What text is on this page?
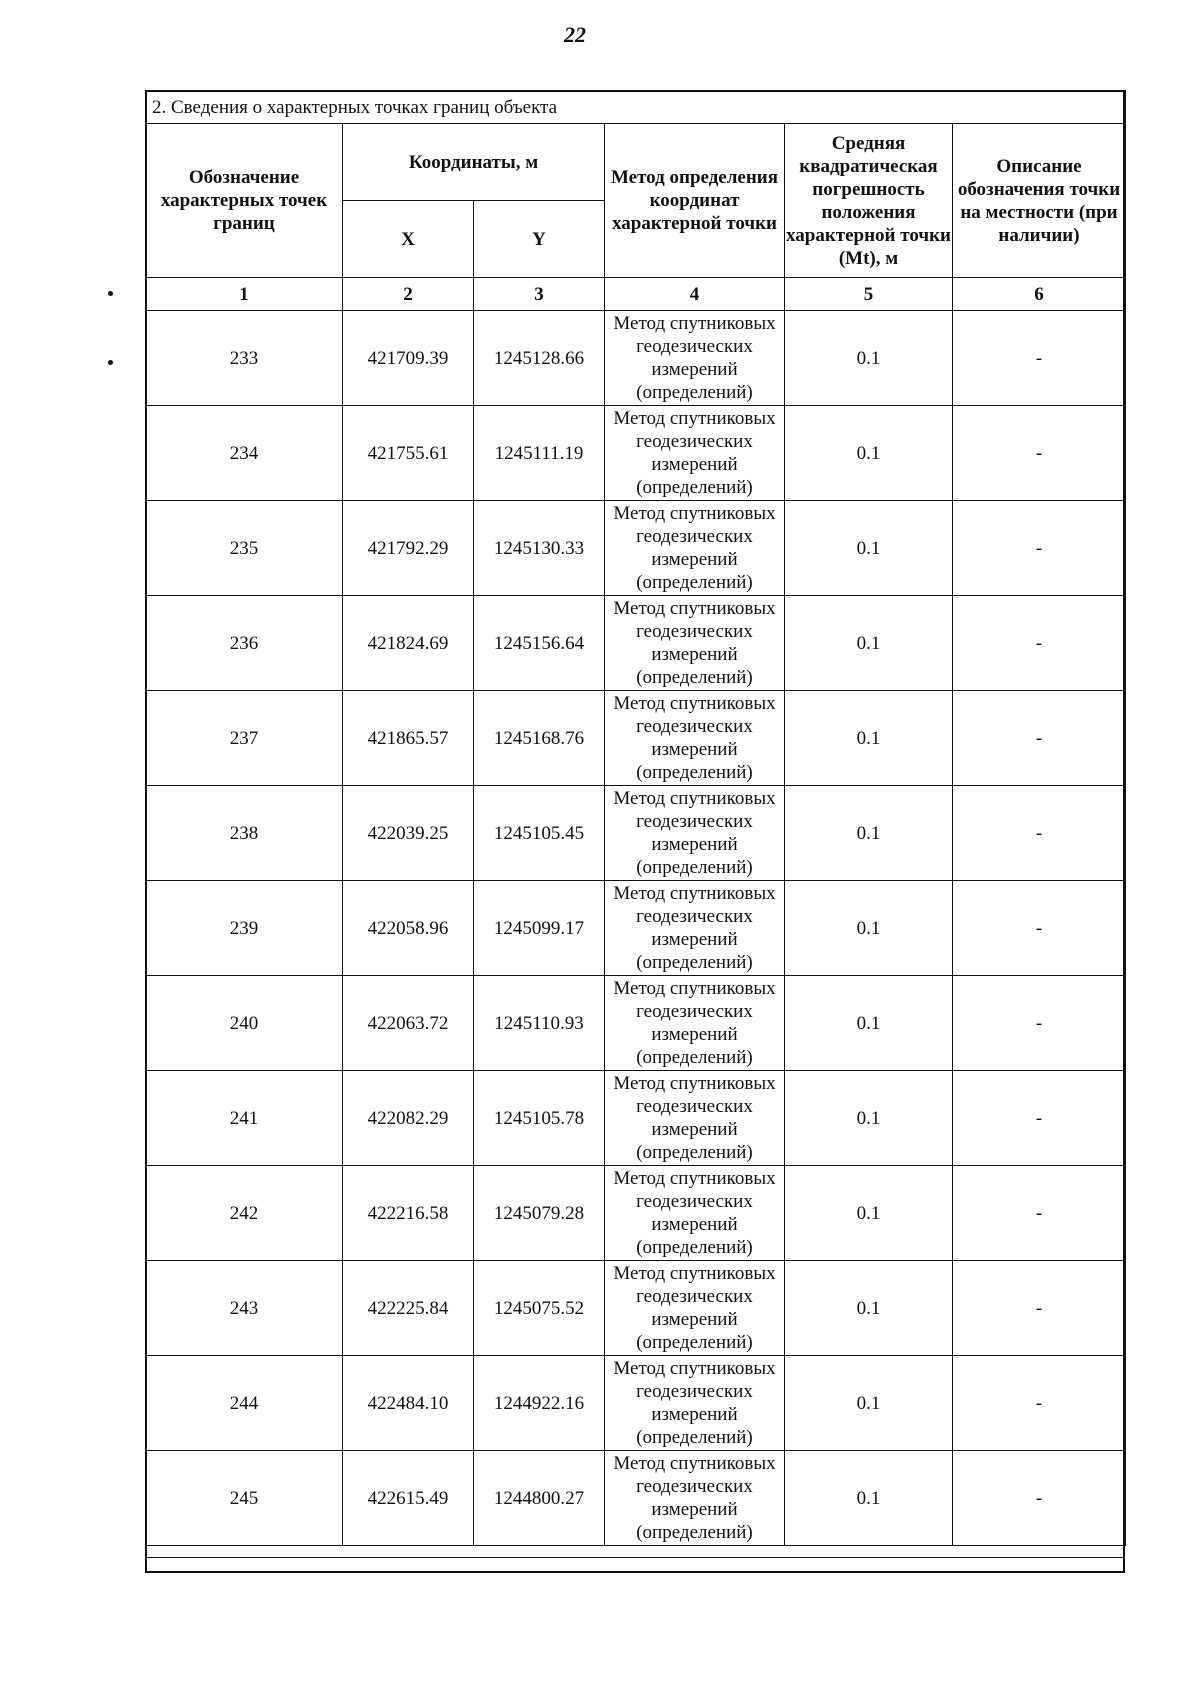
22
2. Сведения о характерных точках границ объекта					
Обозначение характерных точек границ	Координаты, м		Метод определения координат характерной точки	Средняя квадратическая погрешность положения характерной точки (Mt), м	Описание обозначения точки на местности (при наличии)
	X	Y			
1	2	3	4	5	6
233	421709.39	1245128.66	Метод спутниковых геодезических измерений (определений)	0.1	-
234	421755.61	1245111.19	Метод спутниковых геодезических измерений (определений)	0.1	-
235	421792.29	1245130.33	Метод спутниковых геодезических измерений (определений)	0.1	-
236	421824.69	1245156.64	Метод спутниковых геодезических измерений (определений)	0.1	-
237	421865.57	1245168.76	Метод спутниковых геодезических измерений (определений)	0.1	-
238	422039.25	1245105.45	Метод спутниковых геодезических измерений (определений)	0.1	-
239	422058.96	1245099.17	Метод спутниковых геодезических измерений (определений)	0.1	-
240	422063.72	1245110.93	Метод спутниковых геодезических измерений (определений)	0.1	-
241	422082.29	1245105.78	Метод спутниковых геодезических измерений (определений)	0.1	-
242	422216.58	1245079.28	Метод спутниковых геодезических измерений (определений)	0.1	-
243	422225.84	1245075.52	Метод спутниковых геодезических измерений (определений)	0.1	-
244	422484.10	1244922.16	Метод спутниковых геодезических измерений (определений)	0.1	-
245	422615.49	1244800.27	Метод спутниковых геодезических измерений (определений)	0.1	-
